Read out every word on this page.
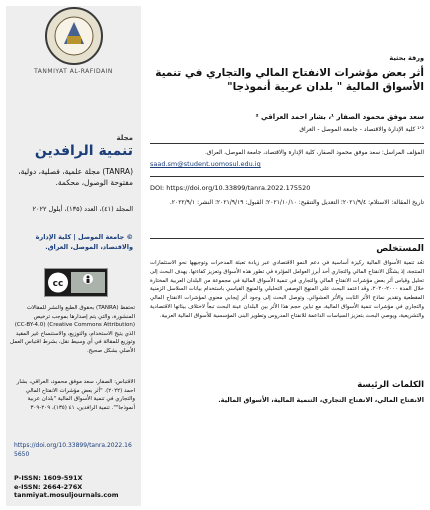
TANMIYAT AL-RAFIDAIN
مجلة
تنمية الرافدين
(TANRA) مجلة علمية، فصلية، دولية، مفتوحة الوصول، محكمة.
المجلد (٤١)، العدد (١٣٥)، أيلول ٢٠٢٢
© جامعة الموصل | كلية الإدارة والاقتصاد، الموصل، العراق.
cc
تحتفظ (TANRA) بحقوق الطبع والنشر للمقالات المنشورة، والتي يتم إصدارها بموجب ترخيص (Creative Commons Attribution) (CC-BY-4.0) الذي يتيح الاستخدام، والتوزيع، والاستنساخ غير المقيد وتوزيع للمقالة في أي وسيط نقل، بشرط اقتباس العمل الأصلي بشكل صحيح.
الاقتباس: الصفار، سعد موفق محمود، العراقي، بشار احمد (٢٠٢٢). "أثر بعض مؤشرات الانفتاح المالي والتجاري في تنمية الأسواق المالية "بلدان عربية أنموذجا"". تنمية الرافدين، ٤١ (١٣٥)، ٢٠٩-٣٠٩
https://doi.org/10.33899/tanra.2022.165650
P-ISSN: 1609-591X
e-ISSN: 2664-276X
tanmiyat.mosuljournals.com
ورقة بحثية
أثر بعض مؤشرات الانفتاح المالي والتجاري في تنمية الأسواق المالية " بلدان عربية أنموذجا"
سعد موفق محمود الصفار ¹، بشار احمد العراقي ²
¹٬² كلية الإدارة والاقتصاد - جامعة الموصل - العراق
المؤلف المراسل: سعد موفق محمود الصفار، كلية الإدارة والاقتصاد، جامعة الموصل، العراق.
saad.sm@student.uomosul.edu.iq
DOI: https://doi.org/10.33899/tanra.2022.175520
تاريخ المقالة: الاستلام: ٢٠٢١/٩/٤؛ التعديل والتنقيح: ٢٠٢١/١٠/١٠؛ القبول: ٢٠٢١/٩/١٩؛ النشر: ٢٠٢٢/٩/١.
المستخلص
تعُد تنمية الأسواق المالية ركيزة أساسية في دعم النمو الاقتصادي عبر زيادة تعبئة المدخرات وتوجيهها نحو الاستثمارات المنتجة، إذ يشكّل الانفتاح المالي والتجاري أحد أبرز العوامل المؤثرة في تطور هذه الأسواق وتعزيز كفاءتها. يهدف البحث إلى تحليل وقياس أثر بعض مؤشرات الانفتاح المالي والتجاري في تنمية الأسواق المالية في مجموعة من البلدان العربية المختارة خلال المدة ٢٠٠٠-٢٠٢٠، وقد اعتمد البحث على المنهج الوصفي التحليلي والمنهج القياسي باستخدام بيانات السلاسل الزمنية المقطعية وتقدير نماذج الأثر الثابت والأثر العشوائي. وتوصل البحث إلى وجود أثر إيجابي معنوي لمؤشرات الانفتاح المالي والتجاري في مؤشرات تنمية الأسواق المالية، مع تباين حجم هذا الأثر بين البلدان عينة البحث تبعاً لاختلاف بيئاتها الاقتصادية والتشريعية، ويوصي البحث بتعزيز السياسات الداعمة للانفتاح المدروس وتطوير البنى المؤسسية للأسواق المالية العربية.
الكلمات الرئيسة
الانفتاح المالي، الانفتاح التجاري، التنمية المالية، الأسواق المالية.
